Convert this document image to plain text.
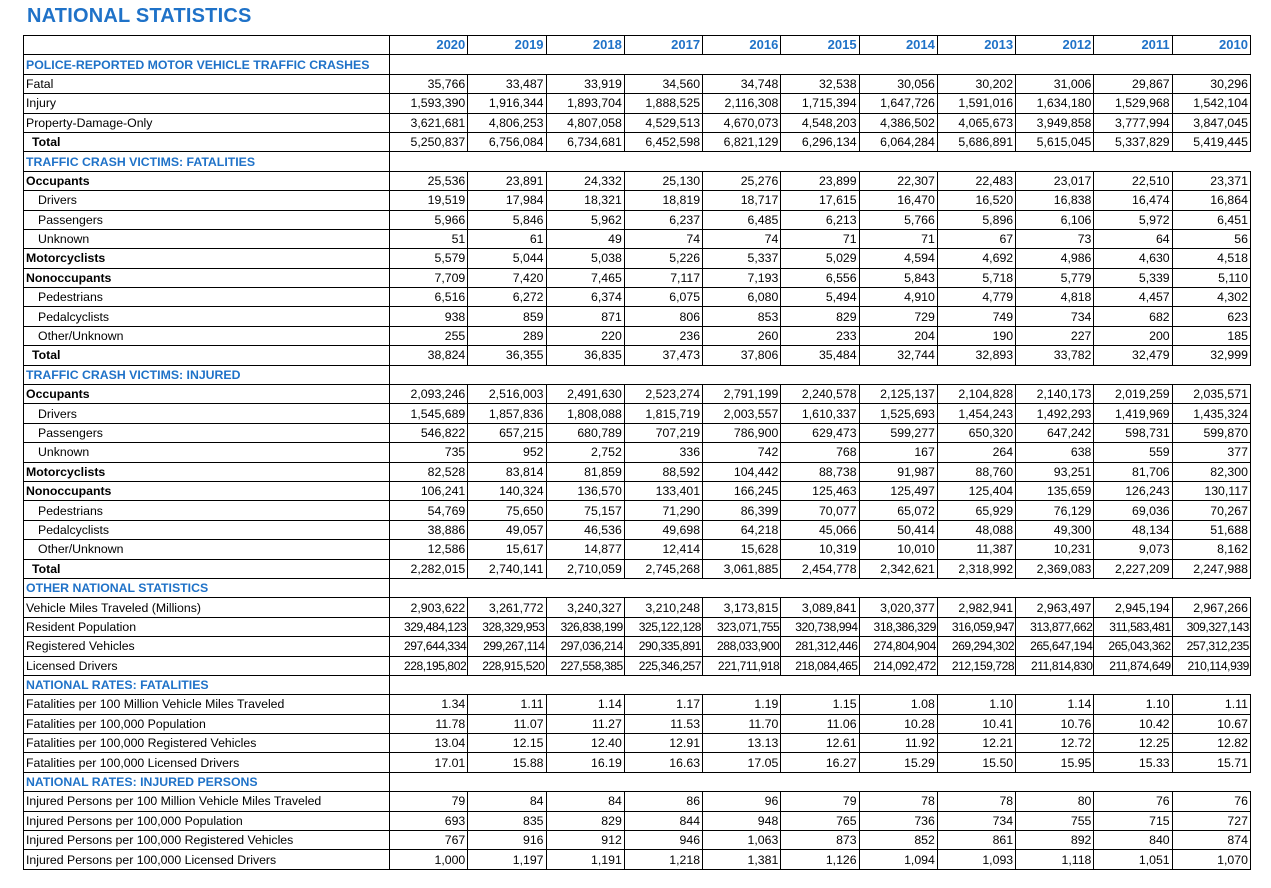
NATIONAL STATISTICS
	2020	2019	2018	2017	2016	2015	2014	2013	2012	2011	2010
POLICE-REPORTED MOTOR VEHICLE TRAFFIC CRASHES											
Fatal	35,766	33,487	33,919	34,560	34,748	32,538	30,056	30,202	31,006	29,867	30,296
Injury	1,593,390	1,916,344	1,893,704	1,888,525	2,116,308	1,715,394	1,647,726	1,591,016	1,634,180	1,529,968	1,542,104
Property-Damage-Only	3,621,681	4,806,253	4,807,058	4,529,513	4,670,073	4,548,203	4,386,502	4,065,673	3,949,858	3,777,994	3,847,045
Total	5,250,837	6,756,084	6,734,681	6,452,598	6,821,129	6,296,134	6,064,284	5,686,891	5,615,045	5,337,829	5,419,445
TRAFFIC CRASH VICTIMS: FATALITIES											
Occupants	25,536	23,891	24,332	25,130	25,276	23,899	22,307	22,483	23,017	22,510	23,371
Drivers	19,519	17,984	18,321	18,819	18,717	17,615	16,470	16,520	16,838	16,474	16,864
Passengers	5,966	5,846	5,962	6,237	6,485	6,213	5,766	5,896	6,106	5,972	6,451
Unknown	51	61	49	74	74	71	71	67	73	64	56
Motorcyclists	5,579	5,044	5,038	5,226	5,337	5,029	4,594	4,692	4,986	4,630	4,518
Nonoccupants	7,709	7,420	7,465	7,117	7,193	6,556	5,843	5,718	5,779	5,339	5,110
Pedestrians	6,516	6,272	6,374	6,075	6,080	5,494	4,910	4,779	4,818	4,457	4,302
Pedalcyclists	938	859	871	806	853	829	729	749	734	682	623
Other/Unknown	255	289	220	236	260	233	204	190	227	200	185
Total	38,824	36,355	36,835	37,473	37,806	35,484	32,744	32,893	33,782	32,479	32,999
TRAFFIC CRASH VICTIMS: INJURED											
Occupants	2,093,246	2,516,003	2,491,630	2,523,274	2,791,199	2,240,578	2,125,137	2,104,828	2,140,173	2,019,259	2,035,571
Drivers	1,545,689	1,857,836	1,808,088	1,815,719	2,003,557	1,610,337	1,525,693	1,454,243	1,492,293	1,419,969	1,435,324
Passengers	546,822	657,215	680,789	707,219	786,900	629,473	599,277	650,320	647,242	598,731	599,870
Unknown	735	952	2,752	336	742	768	167	264	638	559	377
Motorcyclists	82,528	83,814	81,859	88,592	104,442	88,738	91,987	88,760	93,251	81,706	82,300
Nonoccupants	106,241	140,324	136,570	133,401	166,245	125,463	125,497	125,404	135,659	126,243	130,117
Pedestrians	54,769	75,650	75,157	71,290	86,399	70,077	65,072	65,929	76,129	69,036	70,267
Pedalcyclists	38,886	49,057	46,536	49,698	64,218	45,066	50,414	48,088	49,300	48,134	51,688
Other/Unknown	12,586	15,617	14,877	12,414	15,628	10,319	10,010	11,387	10,231	9,073	8,162
Total	2,282,015	2,740,141	2,710,059	2,745,268	3,061,885	2,454,778	2,342,621	2,318,992	2,369,083	2,227,209	2,247,988
OTHER NATIONAL STATISTICS											
Vehicle Miles Traveled (Millions)	2,903,622	3,261,772	3,240,327	3,210,248	3,173,815	3,089,841	3,020,377	2,982,941	2,963,497	2,945,194	2,967,266
Resident Population	329,484,123	328,329,953	326,838,199	325,122,128	323,071,755	320,738,994	318,386,329	316,059,947	313,877,662	311,583,481	309,327,143
Registered Vehicles	297,644,334	299,267,114	297,036,214	290,335,891	288,033,900	281,312,446	274,804,904	269,294,302	265,647,194	265,043,362	257,312,235
Licensed Drivers	228,195,802	228,915,520	227,558,385	225,346,257	221,711,918	218,084,465	214,092,472	212,159,728	211,814,830	211,874,649	210,114,939
NATIONAL RATES: FATALITIES											
Fatalities per 100 Million Vehicle Miles Traveled	1.34	1.11	1.14	1.17	1.19	1.15	1.08	1.10	1.14	1.10	1.11
Fatalities per 100,000 Population	11.78	11.07	11.27	11.53	11.70	11.06	10.28	10.41	10.76	10.42	10.67
Fatalities per 100,000 Registered Vehicles	13.04	12.15	12.40	12.91	13.13	12.61	11.92	12.21	12.72	12.25	12.82
Fatalities per 100,000 Licensed Drivers	17.01	15.88	16.19	16.63	17.05	16.27	15.29	15.50	15.95	15.33	15.71
NATIONAL RATES: INJURED PERSONS											
Injured Persons per 100 Million Vehicle Miles Traveled	79	84	84	86	96	79	78	78	80	76	76
Injured Persons per 100,000 Population	693	835	829	844	948	765	736	734	755	715	727
Injured Persons per 100,000 Registered Vehicles	767	916	912	946	1,063	873	852	861	892	840	874
Injured Persons per 100,000 Licensed Drivers	1,000	1,197	1,191	1,218	1,381	1,126	1,094	1,093	1,118	1,051	1,070
